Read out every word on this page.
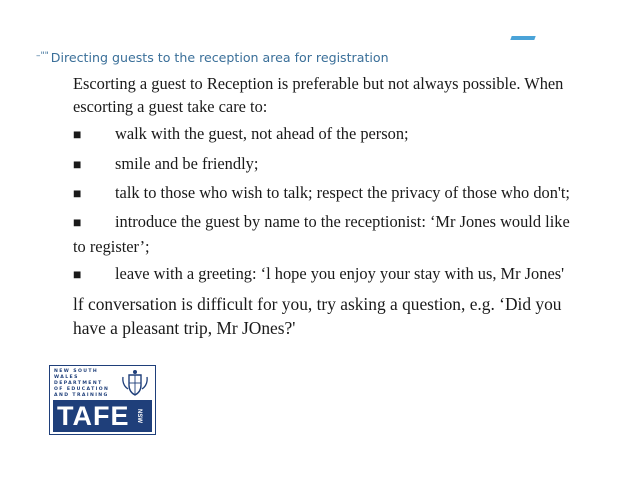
–"" Directing guests to the reception area for registration

Escorting a guest to Reception is preferable but not always possible. When escorting a guest take care to:

■ walk with the guest, not ahead of the person;

■ smile and be friendly;

■ talk to those who wish to talk; respect the privacy of those who don't;

■ introduce the guest by name to the receptionist: ‘Mr Jones would like to register’;

■ leave with a greeting: ‘l hope you enjoy your stay with us, Mr Jones'

lf conversation is difficult for you, try asking a question, e.g. ‘Did you have a pleasant trip, Mr JOnes?'

NEW SOUTH WALES
DEPARTMENT
OF EDUCATION
AND TRAINING
TAFE NSW
